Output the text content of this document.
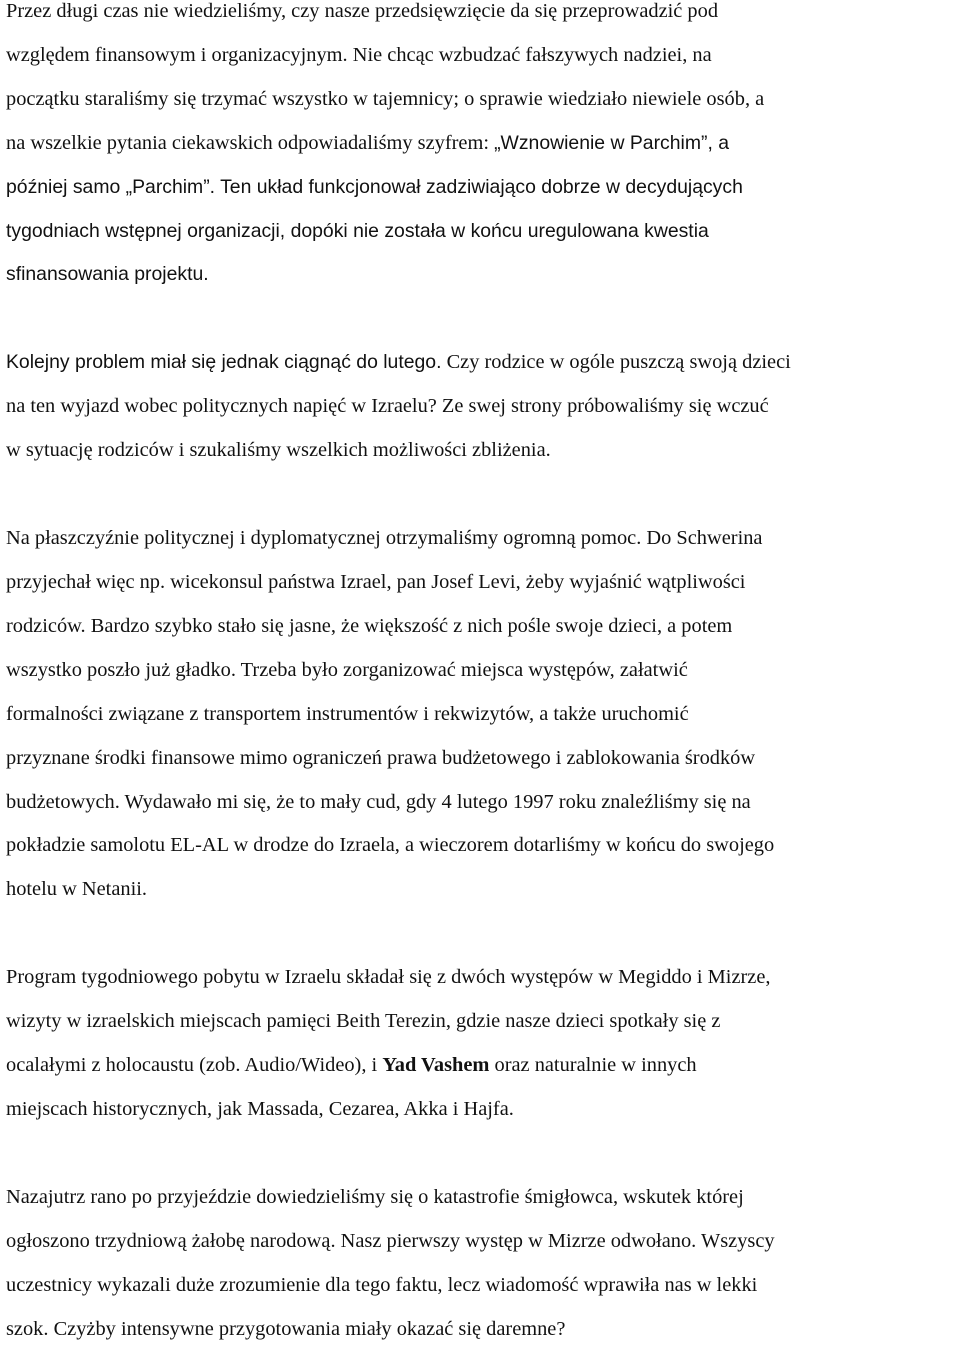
Przez długi czas nie wiedzieliśmy, czy nasze przedsięwzięcie da się przeprowadzić pod
względem finansowym i organizacyjnym. Nie chcąc wzbudzać fałszywych nadziei, na
początku staraliśmy się trzymać wszystko w tajemnicy; o sprawie wiedziało niewiele osób, a
na wszelkie pytania ciekawskich odpowiadaliśmy szyfrem: „Wznowienie w Parchim”, a
później samo „Parchim”. Ten układ funkcjonował zadziwiająco dobrze w decydujących
tygodniach wstępnej organizacji, dopóki nie została w końcu uregulowana kwestia
sfinansowania projektu.

Kolejny problem miał się jednak ciągnąć do lutego. Czy rodzice w ogóle puszczą swoją dzieci
na ten wyjazd wobec politycznych napięć w Izraelu? Ze swej strony próbowaliśmy się wczuć
w sytuację rodziców i szukaliśmy wszelkich możliwości zbliżenia.

Na płaszczyźnie politycznej i dyplomatycznej otrzymaliśmy ogromną pomoc. Do Schwerina
przyjechał więc np. wicekonsul państwa Izrael, pan Josef Levi, żeby wyjaśnić wątpliwości
rodziców. Bardzo szybko stało się jasne, że większość z nich pośle swoje dzieci, a potem
wszystko poszło już gładko. Trzeba było zorganizować miejsca występów, załatwić
formalności związane z transportem instrumentów i rekwizytów, a także uruchomić
przyznane środki finansowe mimo ograniczeń prawa budżetowego i zablokowania środków
budżetowych. Wydawało mi się, że to mały cud, gdy 4 lutego 1997 roku znaleźliśmy się na
pokładzie samolotu EL-AL w drodze do Izraela, a wieczorem dotarliśmy w końcu do swojego
hotelu w Netanii.

Program tygodniowego pobytu w Izraelu składał się z dwóch występów w Megiddo i Mizrze,
wizyty w izraelskich miejscach pamięci Beith Terezin, gdzie nasze dzieci spotkały się z
ocalałymi z holocaustu (zob. Audio/Wideo), i Yad Vashem oraz naturalnie w innych
miejscach historycznych, jak Massada, Cezarea, Akka i Hajfa.

Nazajutrz rano po przyjeździe dowiedzieliśmy się o katastrofie śmigłowca, wskutek której
ogłoszono trzydniową żałobę narodową. Nasz pierwszy występ w Mizrze odwołano. Wszyscy
uczestnicy wykazali duże zrozumienie dla tego faktu, lecz wiadomość wprawiła nas w lekki
szok. Czyżby intensywne przygotowania miały okazać się daremne?
